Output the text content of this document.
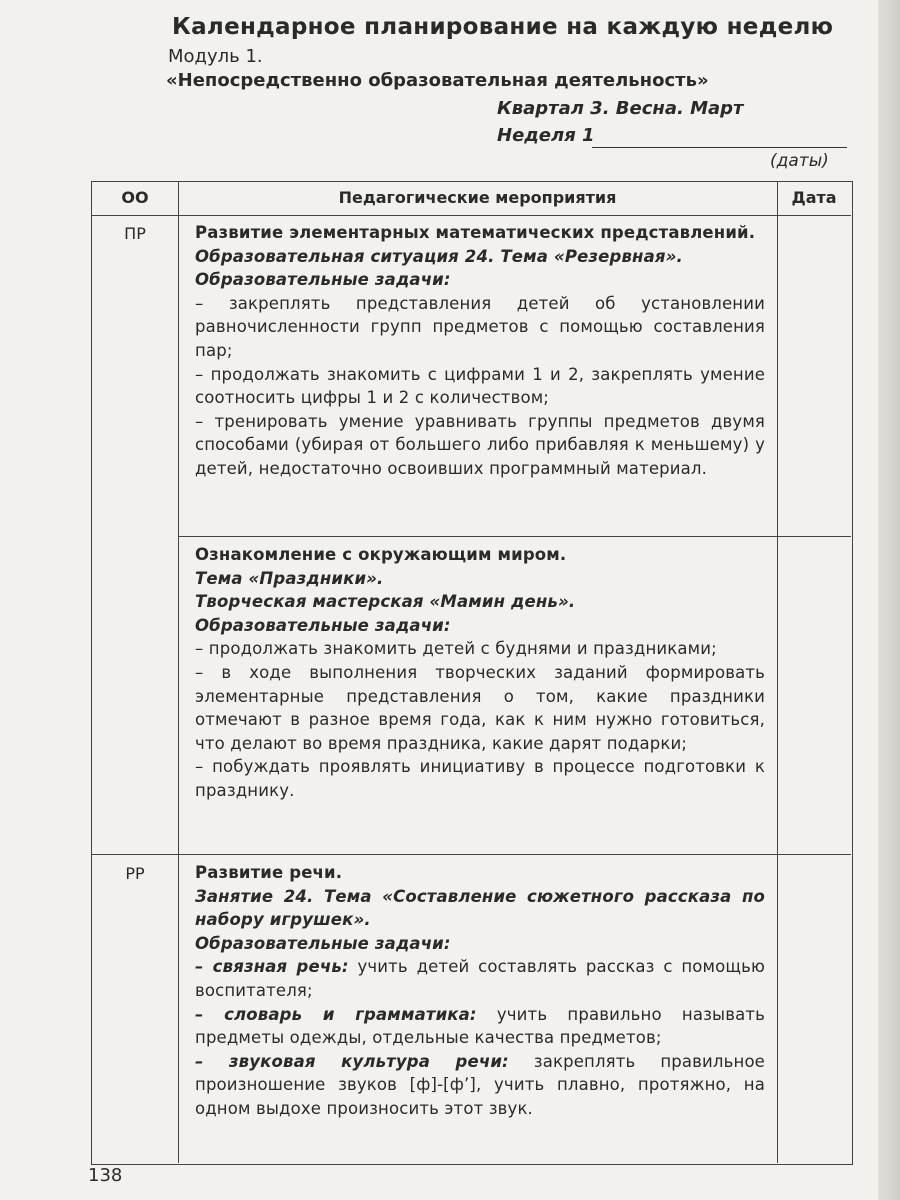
Календарное планирование на каждую неделю
Модуль 1.
«Непосредственно образовательная деятельность»
Квартал 3. Весна. Март
Неделя 1
(даты)
ОО	Педагогические мероприятия	Дата
ПР	Развитие элементарных математических представлений.

Образовательная ситуация 24. Тема «Резервная».

Образовательные задачи:

– закреплять представления детей об установлении равночисленности групп предметов с помощью составления пар;

– продолжать знакомить с цифрами 1 и 2, закреплять умение соотносить цифры 1 и 2 с количеством;

– тренировать умение уравнивать группы предметов двумя способами (убирая от большего либо прибавляя к меньшему) у детей, недостаточно освоивших программный материал.

Ознакомление с окружающим миром.

Тема «Праздники».

Творческая мастерская «Мамин день».

Образовательные задачи:

– продолжать знакомить детей с буднями и праздниками;

– в ходе выполнения творческих заданий формировать элементарные представления о том, какие праздники отмечают в разное время года, как к ним нужно готовиться, что делают во время праздника, какие дарят подарки;

– побуждать проявлять инициативу в процессе подготовки к празднику.

РР	Развитие речи.

Занятие 24. Тема «Составление сюжетного рассказа по набору игрушек».

Образовательные задачи:

– связная речь: учить детей составлять рассказ с помощью воспитателя;

– словарь и грамматика: учить правильно называть предметы одежды, отдельные качества предметов;

– звуковая культура речи: закреплять правильное произношение звуков [ф]-[ф’], учить плавно, протяжно, на одном выдохе произносить этот звук.

138
